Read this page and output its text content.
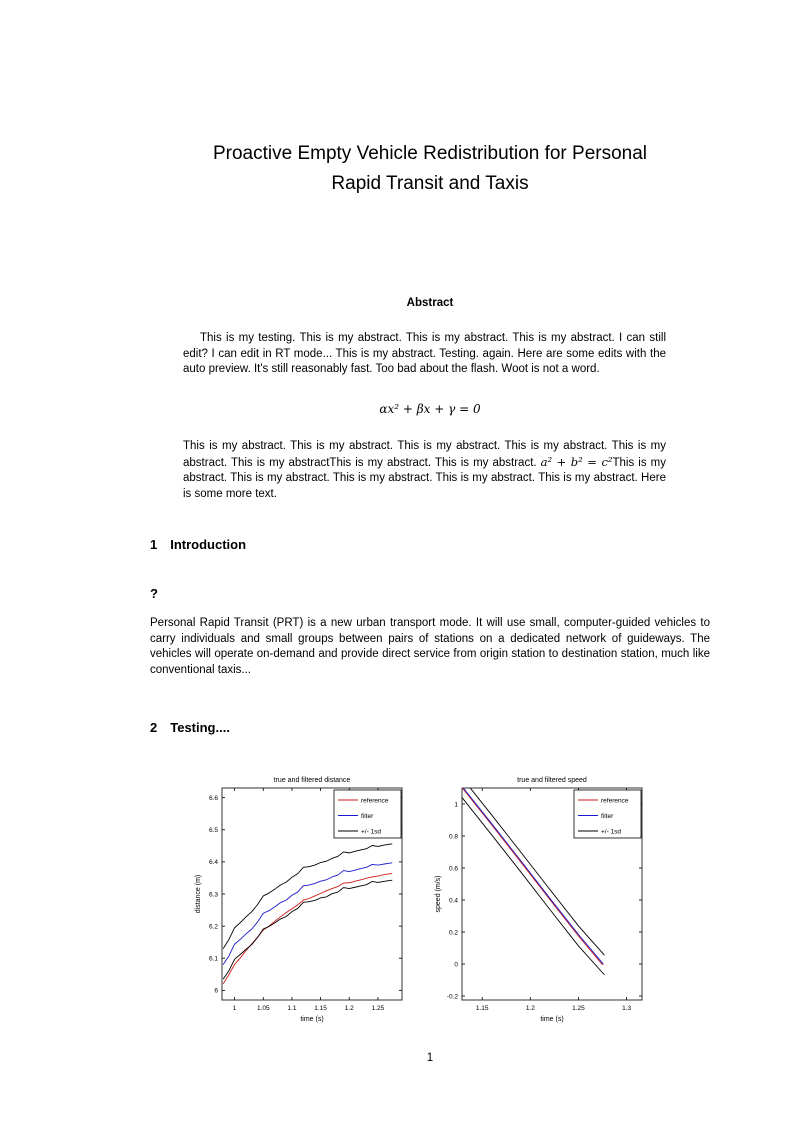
Proactive Empty Vehicle Redistribution for Personal
Rapid Transit and Taxis
Abstract

This is my testing. This is my abstract. This is my abstract. This is my abstract. I can still edit? I can edit in RT mode... This is my abstract. Testing. again. Here are some edits with the auto preview. It's still reasonably fast. Too bad about the flash. Woot is not a word.

αx² + βx + γ = 0

This is my abstract. This is my abstract. This is my abstract. This is my abstract. This is my abstract. This is my abstractThis is my abstract. This is my abstract. a² + b² = c²This is my abstract. This is my abstract. This is my abstract. This is my abstract. This is my abstract. Here is some more text.

1 Introduction
?

Personal Rapid Transit (PRT) is a new urban transport mode. It will use small, computer-guided vehicles to carry individuals and small groups between pairs of stations on a dedicated network of guideways. The vehicles will operate on-demand and provide direct service from origin station to destination station, much like conventional taxis...

2 Testing....
1	1.05	1.1	1.15	1.2	1.25
6
6.1
6.2
6.3
6.4
6.5
6.6
true and filtered distance
time (s)
distance (m)
reference
filter
+/- 1sd
1.15	1.2	1.25	1.3
-0.2
0
0.2
0.4
0.6
0.8
1
true and filtered speed
time (s)
speed (m/s)
reference
filter
+/- 1sd
1
